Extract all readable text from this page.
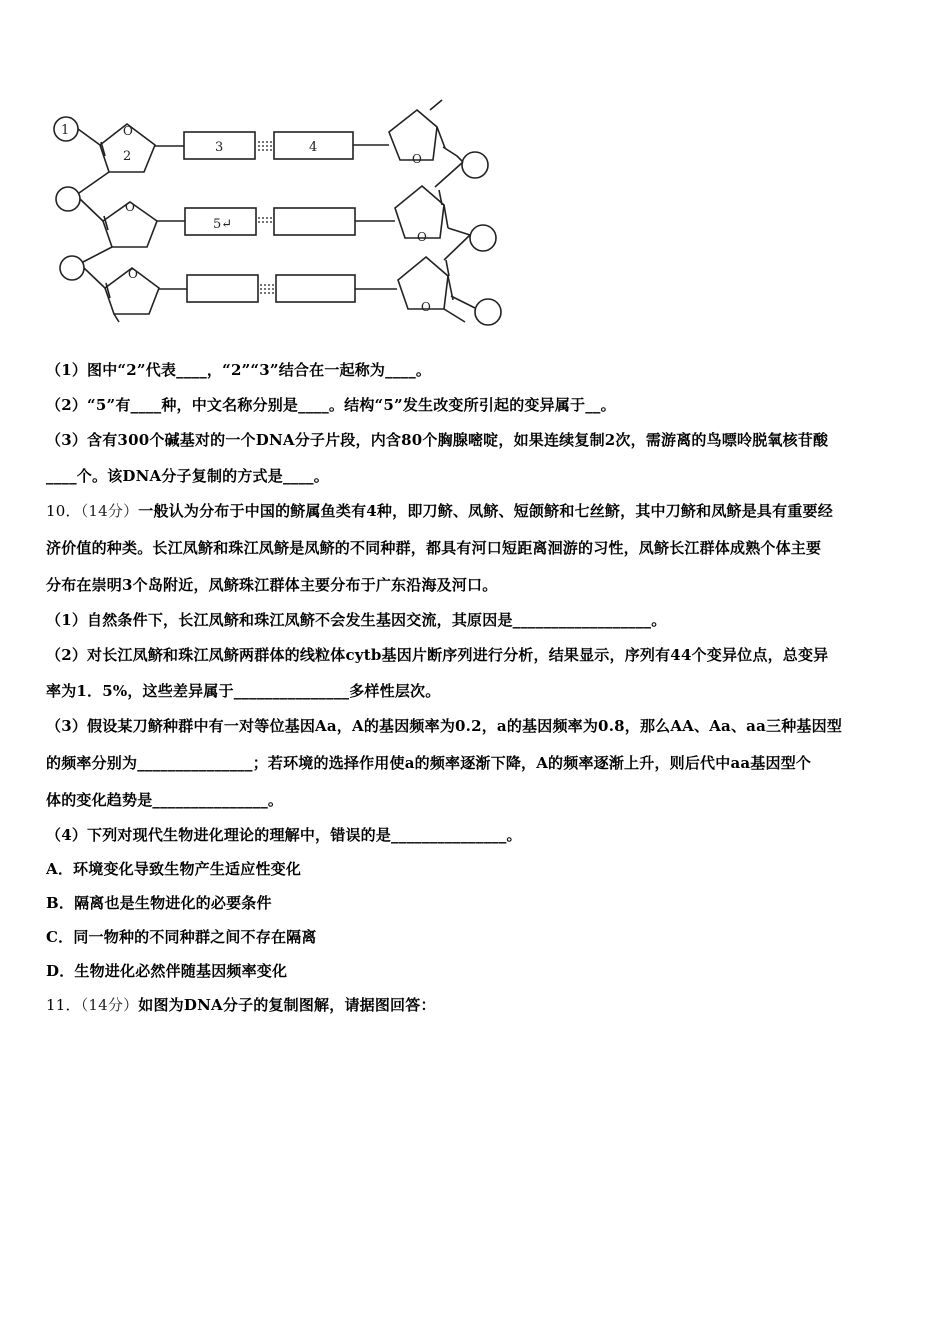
1
2
3	4
5↵
O
O
O
O
O
O
（1）图中“2”代表____，“2”“3”结合在一起称为____。
（2）“5”有____种，中文名称分别是____。结构“5”发生改变所引起的变异属于__。
（3）含有300个碱基对的一个DNA分子片段，内含80个胸腺嘧啶，如果连续复制2次，需游离的鸟嘌呤脱氧核苷酸
____个。该DNA分子复制的方式是____。
10．（14分）一般认为分布于中国的鲚属鱼类有4种，即刀鲚、凤鲚、短颌鲚和七丝鲚，其中刀鲚和凤鲚是具有重要经
济价值的种类。长江凤鲚和珠江凤鲚是凤鲚的不同种群，都具有河口短距离洄游的习性，凤鲚长江群体成熟个体主要
分布在崇明3个岛附近，凤鲚珠江群体主要分布于广东沿海及河口。
（1）自然条件下，长江凤鲚和珠江凤鲚不会发生基因交流，其原因是__________________。
（2）对长江凤鲚和珠江凤鲚两群体的线粒体cytb基因片断序列进行分析，结果显示，序列有44个变异位点，总变异
率为1．5%，这些差异属于_______________多样性层次。
（3）假设某刀鲚种群中有一对等位基因Aa，A的基因频率为0.2，a的基因频率为0.8，那么AA、Aa、aa三种基因型
的频率分别为_______________；若环境的选择作用使a的频率逐渐下降，A的频率逐渐上升，则后代中aa基因型个
体的变化趋势是_______________。
（4）下列对现代生物进化理论的理解中，错误的是_______________。
A．环境变化导致生物产生适应性变化
B．隔离也是生物进化的必要条件
C．同一物种的不同种群之间不存在隔离
D．生物进化必然伴随基因频率变化
11．（14分）如图为DNA分子的复制图解，请据图回答：
